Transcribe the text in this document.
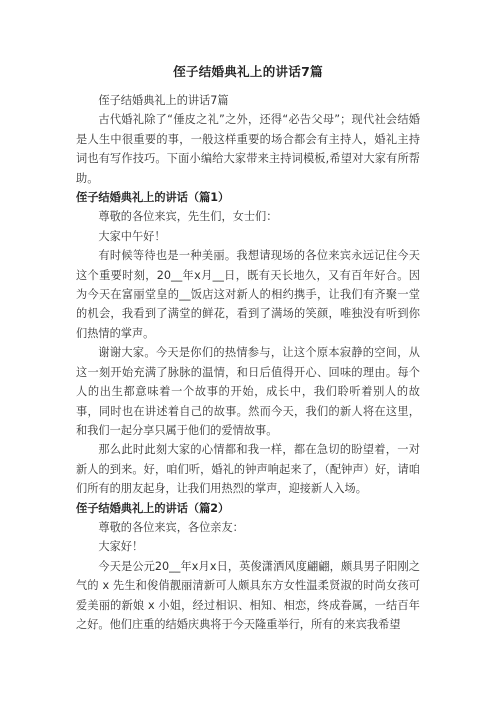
侄子结婚典礼上的讲话7篇

侄子结婚典礼上的讲话7篇

古代婚礼除了“倕皮之礼”之外，还得“必告父母”；现代社会结婚是人生中很重要的事，一般这样重要的场合都会有主持人，婚礼主持词也有写作技巧。下面小编给大家带来主持词模板,希望对大家有所帮助。

侄子结婚典礼上的讲话（篇1）

尊敬的各位来宾，先生们，女士们：

大家中午好！

有时候等待也是一种美丽。我想请现场的各位来宾永远记住今天这个重要时刻，20__年x月__日，既有天长地久，又有百年好合。因为今天在富丽堂皇的__饭店这对新人的相约携手，让我们有齐聚一堂的机会，我看到了满堂的鲜花，看到了满场的笑颜，唯独没有听到你们热情的掌声。

谢谢大家。今天是你们的热情参与，让这个原本寂静的空间，从这一刻开始充满了脉脉的温情，和日后值得开心、回味的理由。每个人的出生都意味着一个故事的开始，成长中，我们聆听着别人的故事，同时也在讲述着自己的故事。然而今天，我们的新人将在这里，和我们一起分享只属于他们的爱情故事。

那么此时此刻大家的心情都和我一样，都在急切的盼望着，一对新人的到来。好，咱们听，婚礼的钟声响起来了，（配钟声）好，请咱们所有的朋友起身，让我们用热烈的掌声，迎接新人入场。

侄子结婚典礼上的讲话（篇2）

尊敬的各位来宾，各位亲友：

大家好！

今天是公元20__年x月x日，英俊潇洒风度翩翩，颇具男子阳刚之气的 x 先生和俊俏靓丽清新可人颇具东方女性温柔贤淑的时尚女孩可爱美丽的新娘 x 小姐，经过相识、相知、相恋，终成眷属，一结百年之好。他们庄重的结婚庆典将于今天隆重举行，所有的来宾我希望
